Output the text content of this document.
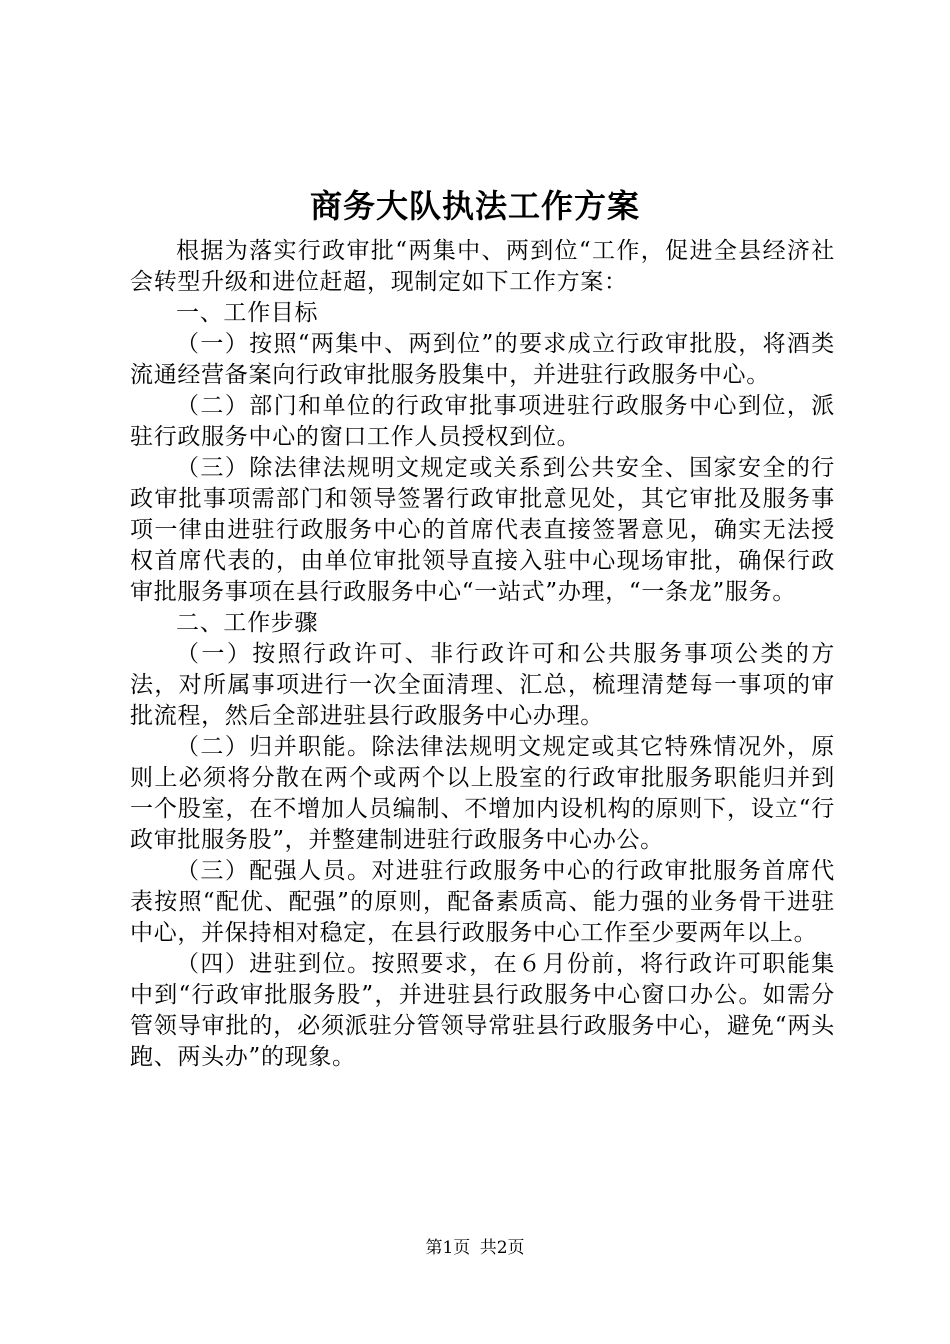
商务大队执法工作方案

根据为落实行政审批“两集中、两到位“工作，促进全县经济社会转型升级和进位赶超，现制定如下工作方案：

一、工作目标

（一）按照“两集中、两到位”的要求成立行政审批股，将酒类流通经营备案向行政审批服务股集中，并进驻行政服务中心。

（二）部门和单位的行政审批事项进驻行政服务中心到位，派驻行政服务中心的窗口工作人员授权到位。

（三）除法律法规明文规定或关系到公共安全、国家安全的行政审批事项需部门和领导签署行政审批意见处，其它审批及服务事项一律由进驻行政服务中心的首席代表直接签署意见，确实无法授权首席代表的，由单位审批领导直接入驻中心现场审批，确保行政审批服务事项在县行政服务中心“一站式”办理，“一条龙”服务。

二、工作步骤

（一）按照行政许可、非行政许可和公共服务事项公类的方法，对所属事项进行一次全面清理、汇总，梳理清楚每一事项的审批流程，然后全部进驻县行政服务中心办理。

（二）归并职能。除法律法规明文规定或其它特殊情况外，原则上必须将分散在两个或两个以上股室的行政审批服务职能归并到一个股室，在不增加人员编制、不增加内设机构的原则下，设立“行政审批服务股”，并整建制进驻行政服务中心办公。

（三）配强人员。对进驻行政服务中心的行政审批服务首席代表按照“配优、配强”的原则，配备素质高、能力强的业务骨干进驻中心，并保持相对稳定，在县行政服务中心工作至少要两年以上。

（四）进驻到位。按照要求，在６月份前，将行政许可职能集中到“行政审批服务股”，并进驻县行政服务中心窗口办公。如需分管领导审批的，必须派驻分管领导常驻县行政服务中心，避免“两头跑、两头办”的现象。

第1页 共2页
